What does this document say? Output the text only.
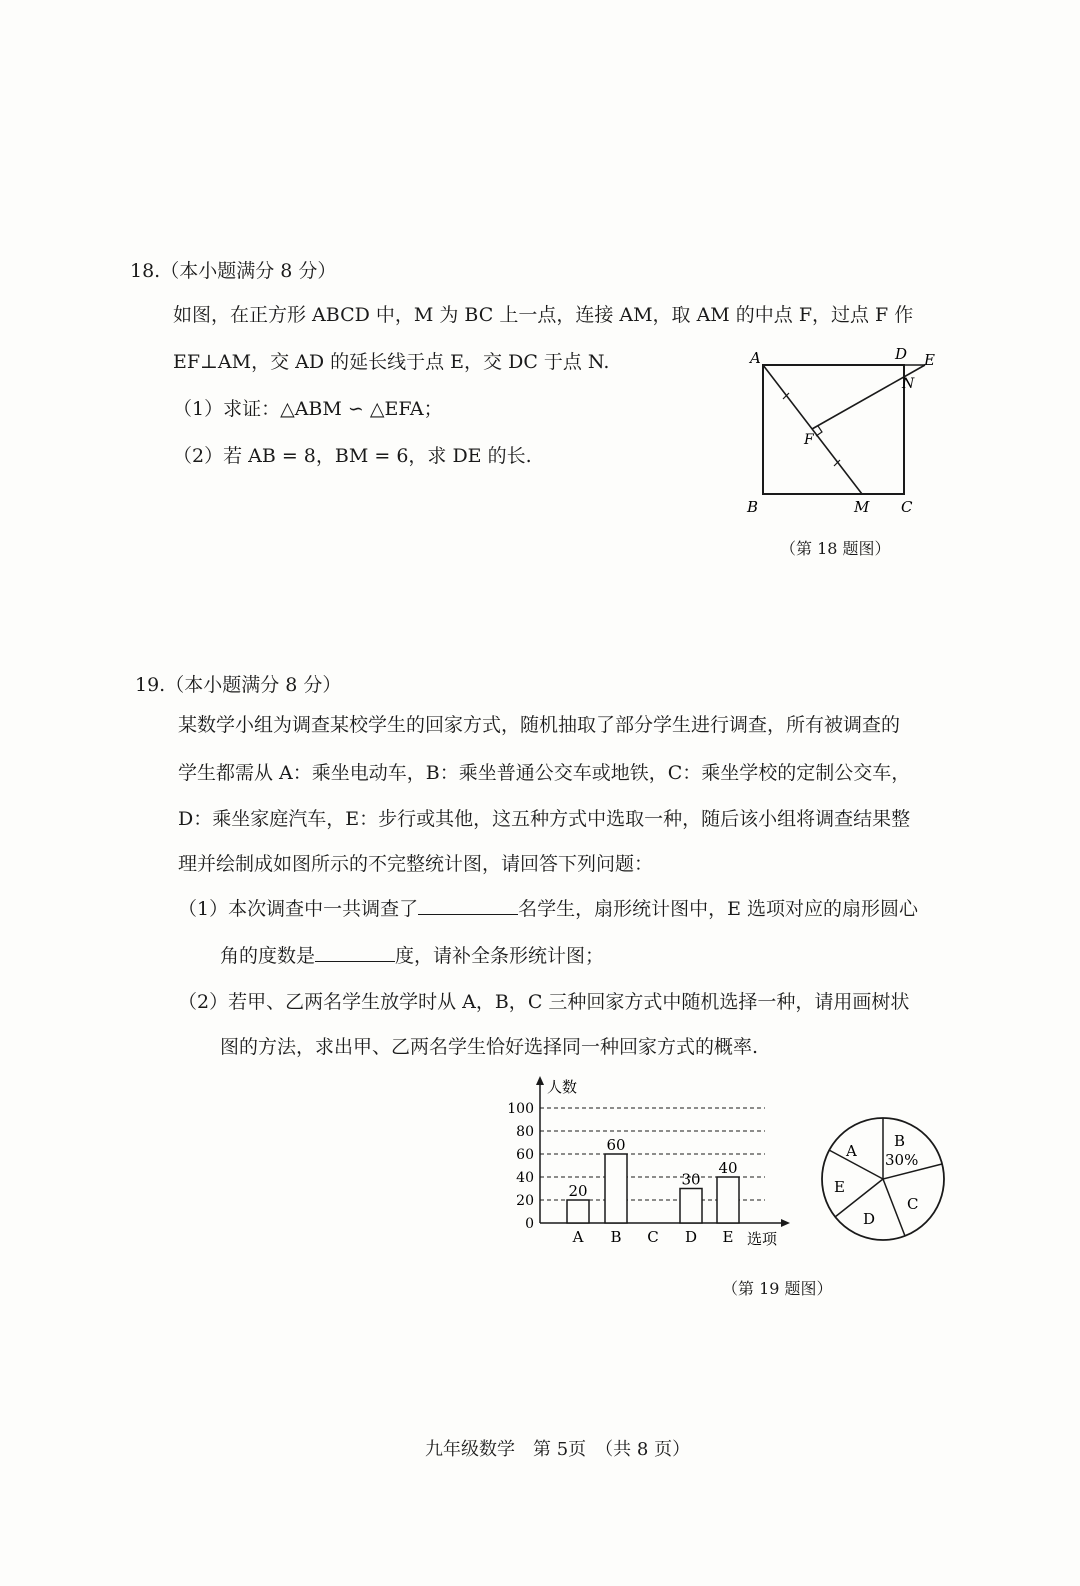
18.（本小题满分 8 分）
如图，在正方形 ABCD 中，M 为 BC 上一点，连接 AM，取 AM 的中点 F，过点 F 作
EF⊥AM，交 AD 的延长线于点 E，交 DC 于点 N.
（1）求证：△ABM ∽ △EFA；
（2）若 AB = 8，BM = 6，求 DE 的长.
A	D E
N
F
B	M C
（第 18 题图）
19.（本小题满分 8 分）
某数学小组为调查某校学生的回家方式，随机抽取了部分学生进行调查，所有被调查的
学生都需从 A：乘坐电动车，B：乘坐普通公交车或地铁，C：乘坐学校的定制公交车，
D：乘坐家庭汽车，E：步行或其他，这五种方式中选取一种，随后该小组将调查结果整
理并绘制成如图所示的不完整统计图，请回答下列问题：
（1）本次调查中一共调查了	名学生，扇形统计图中，E 选项对应的扇形圆心
角的度数是	度，请补全条形统计图；
（2）若甲、乙两名学生放学时从 A，B，C 三种回家方式中随机选择一种，请用画树状
图的方法，求出甲、乙两名学生恰好选择同一种回家方式的概率.
人数
选项
0
20
40
60
80
100
20
A
60
B C
30
D
40
E
A
B
30%
C
D
E
（第 19 题图）
九年级数学　第 5页　（共 8 页）
